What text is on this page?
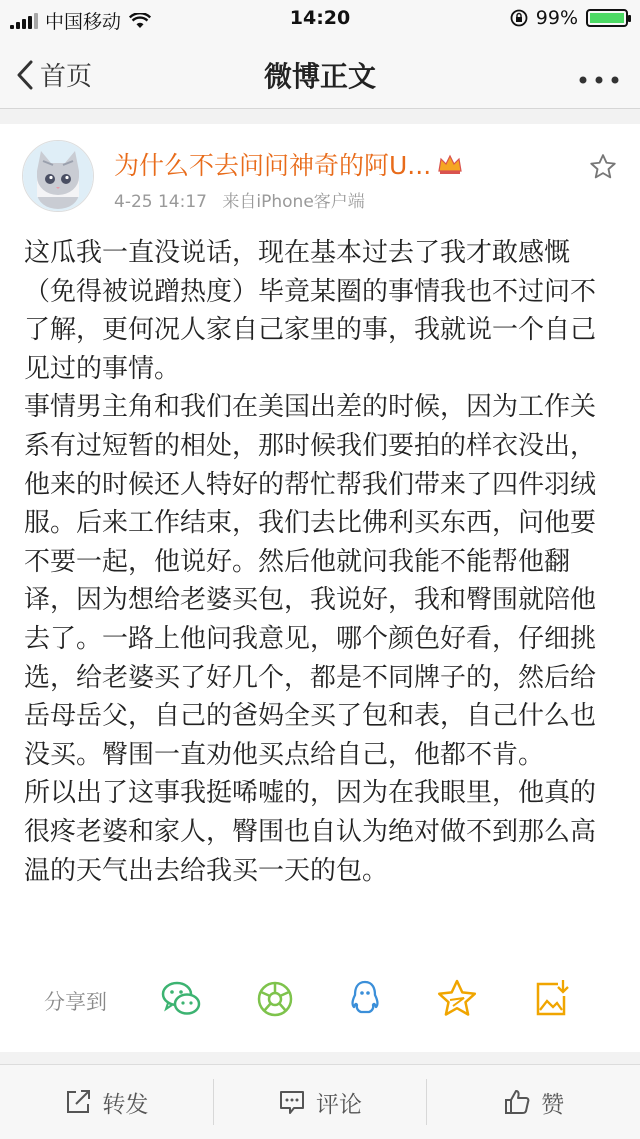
中国移动	14:20	99%
首页	微博正文
为什么不去问问神奇的阿U...
4-25 14:17 来自iPhone客户端

这瓜我一直没说话，现在基本过去了我才敢感慨（免得被说蹭热度）毕竟某圈的事情我也不过问不了解，更何况人家自己家里的事，我就说一个自己见过的事情。

事情男主角和我们在美国出差的时候，因为工作关系有过短暂的相处，那时候我们要拍的样衣没出，他来的时候还人特好的帮忙帮我们带来了四件羽绒服。后来工作结束，我们去比佛利买东西，问他要不要一起，他说好。然后他就问我能不能帮他翻译，因为想给老婆买包，我说好，我和臀围就陪他去了。一路上他问我意见，哪个颜色好看，仔细挑选，给老婆买了好几个，都是不同牌子的，然后给岳母岳父，自己的爸妈全买了包和表，自己什么也没买。臀围一直劝他买点给自己，他都不肯。

所以出了这事我挺唏嘘的，因为在我眼里，他真的很疼老婆和家人，臀围也自认为绝对做不到那么高温的天气出去给我买一天的包。

分享到
转发	评论	赞
